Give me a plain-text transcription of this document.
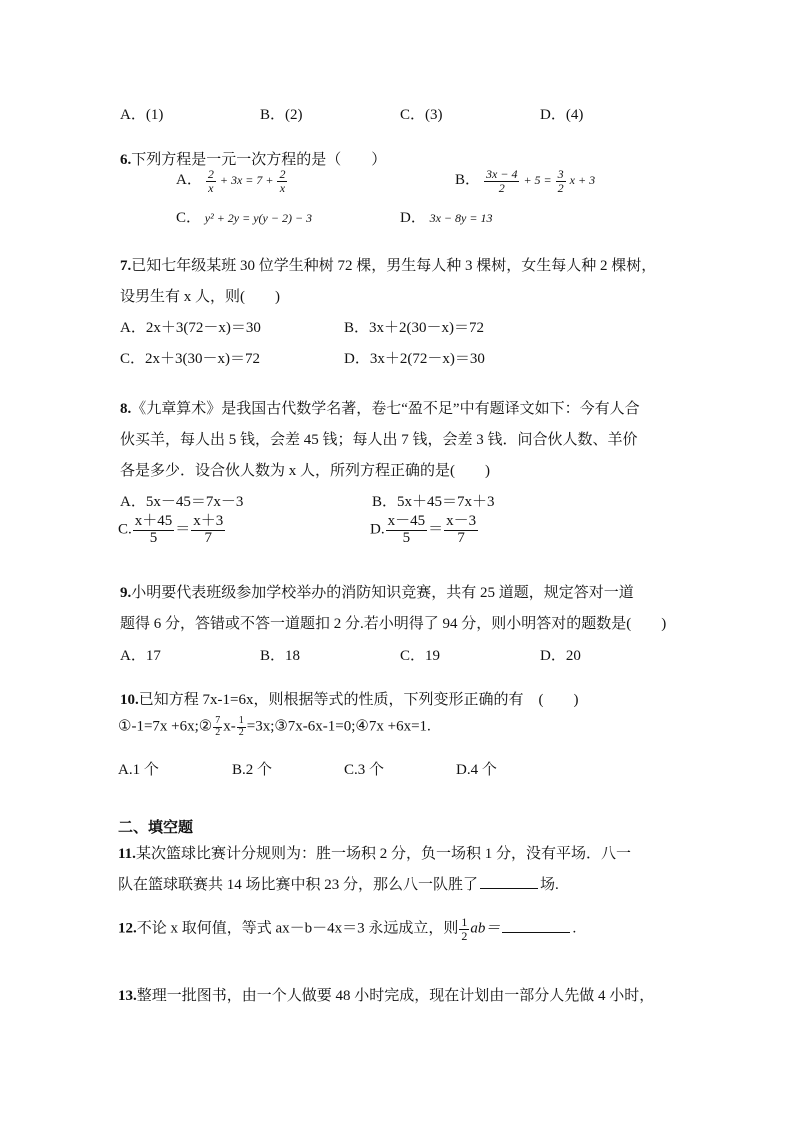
A．(1)	B．(2)	C．(3)	D．(4)
6.下列方程是一元一次方程的是（　　）
A． $\frac{2}{x} + 3x = 7 + \frac{2}{x}$	B． $\frac{3x - 4}{2} + 5 = \frac{3}{2}$ x + 3
C． y² + 2y = y(y − 2) − 3	D． 3x − 8y = 13
7.已知七年级某班 30 位学生种树 72 棵，男生每人种 3 棵树，女生每人种 2 棵树，
设男生有 x 人，则(　　)
A．2x＋3(72－x)＝30	B．3x＋2(30－x)＝72
C．2x＋3(30－x)＝72	D．3x＋2(72－x)＝30
8.《九章算术》是我国古代数学名著，卷七“盈不足”中有题译文如下：今有人合
伙买羊，每人出 5 钱，会差 45 钱；每人出 7 钱，会差 3 钱．问合伙人数、羊价
各是多少．设合伙人数为 x 人，所列方程正确的是(　　)
A．5x－45＝7x－3	B．5x＋45＝7x＋3
C. $\frac{x+45}{5} = \frac{x+3}{7}$	D. $\frac{x-45}{5} = \frac{x-3}{7}$
9.小明要代表班级参加学校举办的消防知识竞赛，共有 25 道题，规定答对一道
题得 6 分，答错或不答一道题扣 2 分.若小明得了 94 分，则小明答对的题数是(　　)
A．17	B．18	C．19	D．20
10.已知方程 7x-1=6x，则根据等式的性质，下列变形正确的有　(　　)
①-1=7x +6x;② $\frac{7}{2} x- \frac{1}{2}$ =3x;③7x-6x-1=0;④7x +6x=1.
A.1 个	B.2 个	C.3 个	D.4 个
二、填空题
11.某次篮球比赛计分规则为：胜一场积 2 分，负一场积 1 分，没有平场．八一
队在篮球联赛共 14 场比赛中积 23 分，那么八一队胜了	场.
12.不论 x 取何值，等式 ax－b－4x＝3 永远成立，则 $\frac{1}{2} ab=$	.
13.整理一批图书，由一个人做要 48 小时完成，现在计划由一部分人先做 4 小时，
